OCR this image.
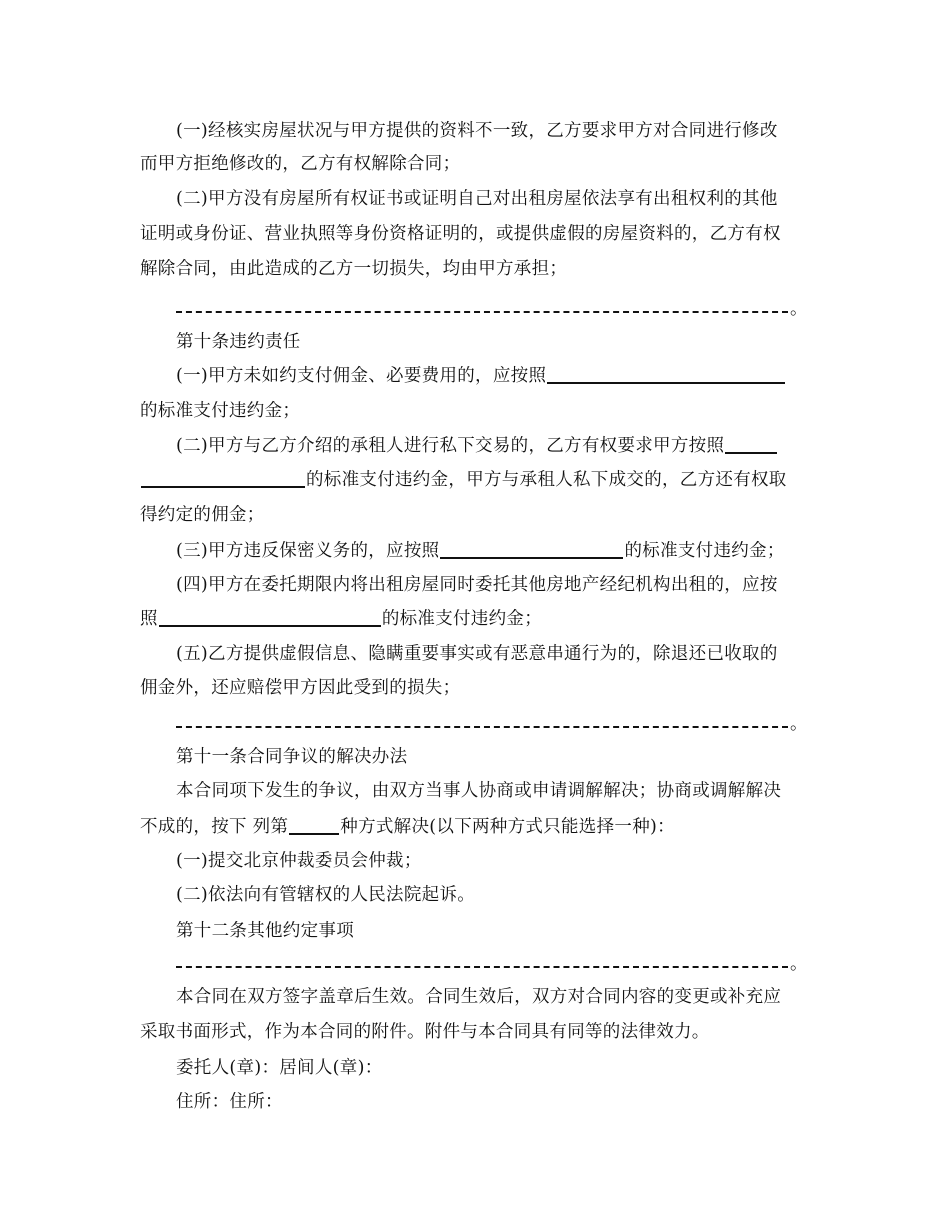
(一)经核实房屋状况与甲方提供的资料不一致，乙方要求甲方对合同进行修改
而甲方拒绝修改的，乙方有权解除合同；
(二)甲方没有房屋所有权证书或证明自己对出租房屋依法享有出租权利的其他
证明或身份证、营业执照等身份资格证明的，或提供虚假的房屋资料的，乙方有权
解除合同，由此造成的乙方一切损失，均由甲方承担；
。
第十条违约责任
(一)甲方未如约支付佣金、必要费用的，应按照
的标准支付违约金；
(二)甲方与乙方介绍的承租人进行私下交易的，乙方有权要求甲方按照
的标准支付违约金，甲方与承租人私下成交的，乙方还有权取
得约定的佣金；
(三)甲方违反保密义务的，应按照	的标准支付违约金；
(四)甲方在委托期限内将出租房屋同时委托其他房地产经纪机构出租的，应按
照	的标准支付违约金；
(五)乙方提供虚假信息、隐瞒重要事实或有恶意串通行为的，除退还已收取的
佣金外，还应赔偿甲方因此受到的损失；
。
第十一条合同争议的解决办法
本合同项下发生的争议，由双方当事人协商或申请调解解决；协商或调解解决
不成的，按下 列第	种方式解决(以下两种方式只能选择一种)：
(一)提交北京仲裁委员会仲裁；
(二)依法向有管辖权的人民法院起诉。
第十二条其他约定事项
。
本合同在双方签字盖章后生效。合同生效后，双方对合同内容的变更或补充应
采取书面形式，作为本合同的附件。附件与本合同具有同等的法律效力。
委托人(章)：居间人(章)：
住所：住所：
